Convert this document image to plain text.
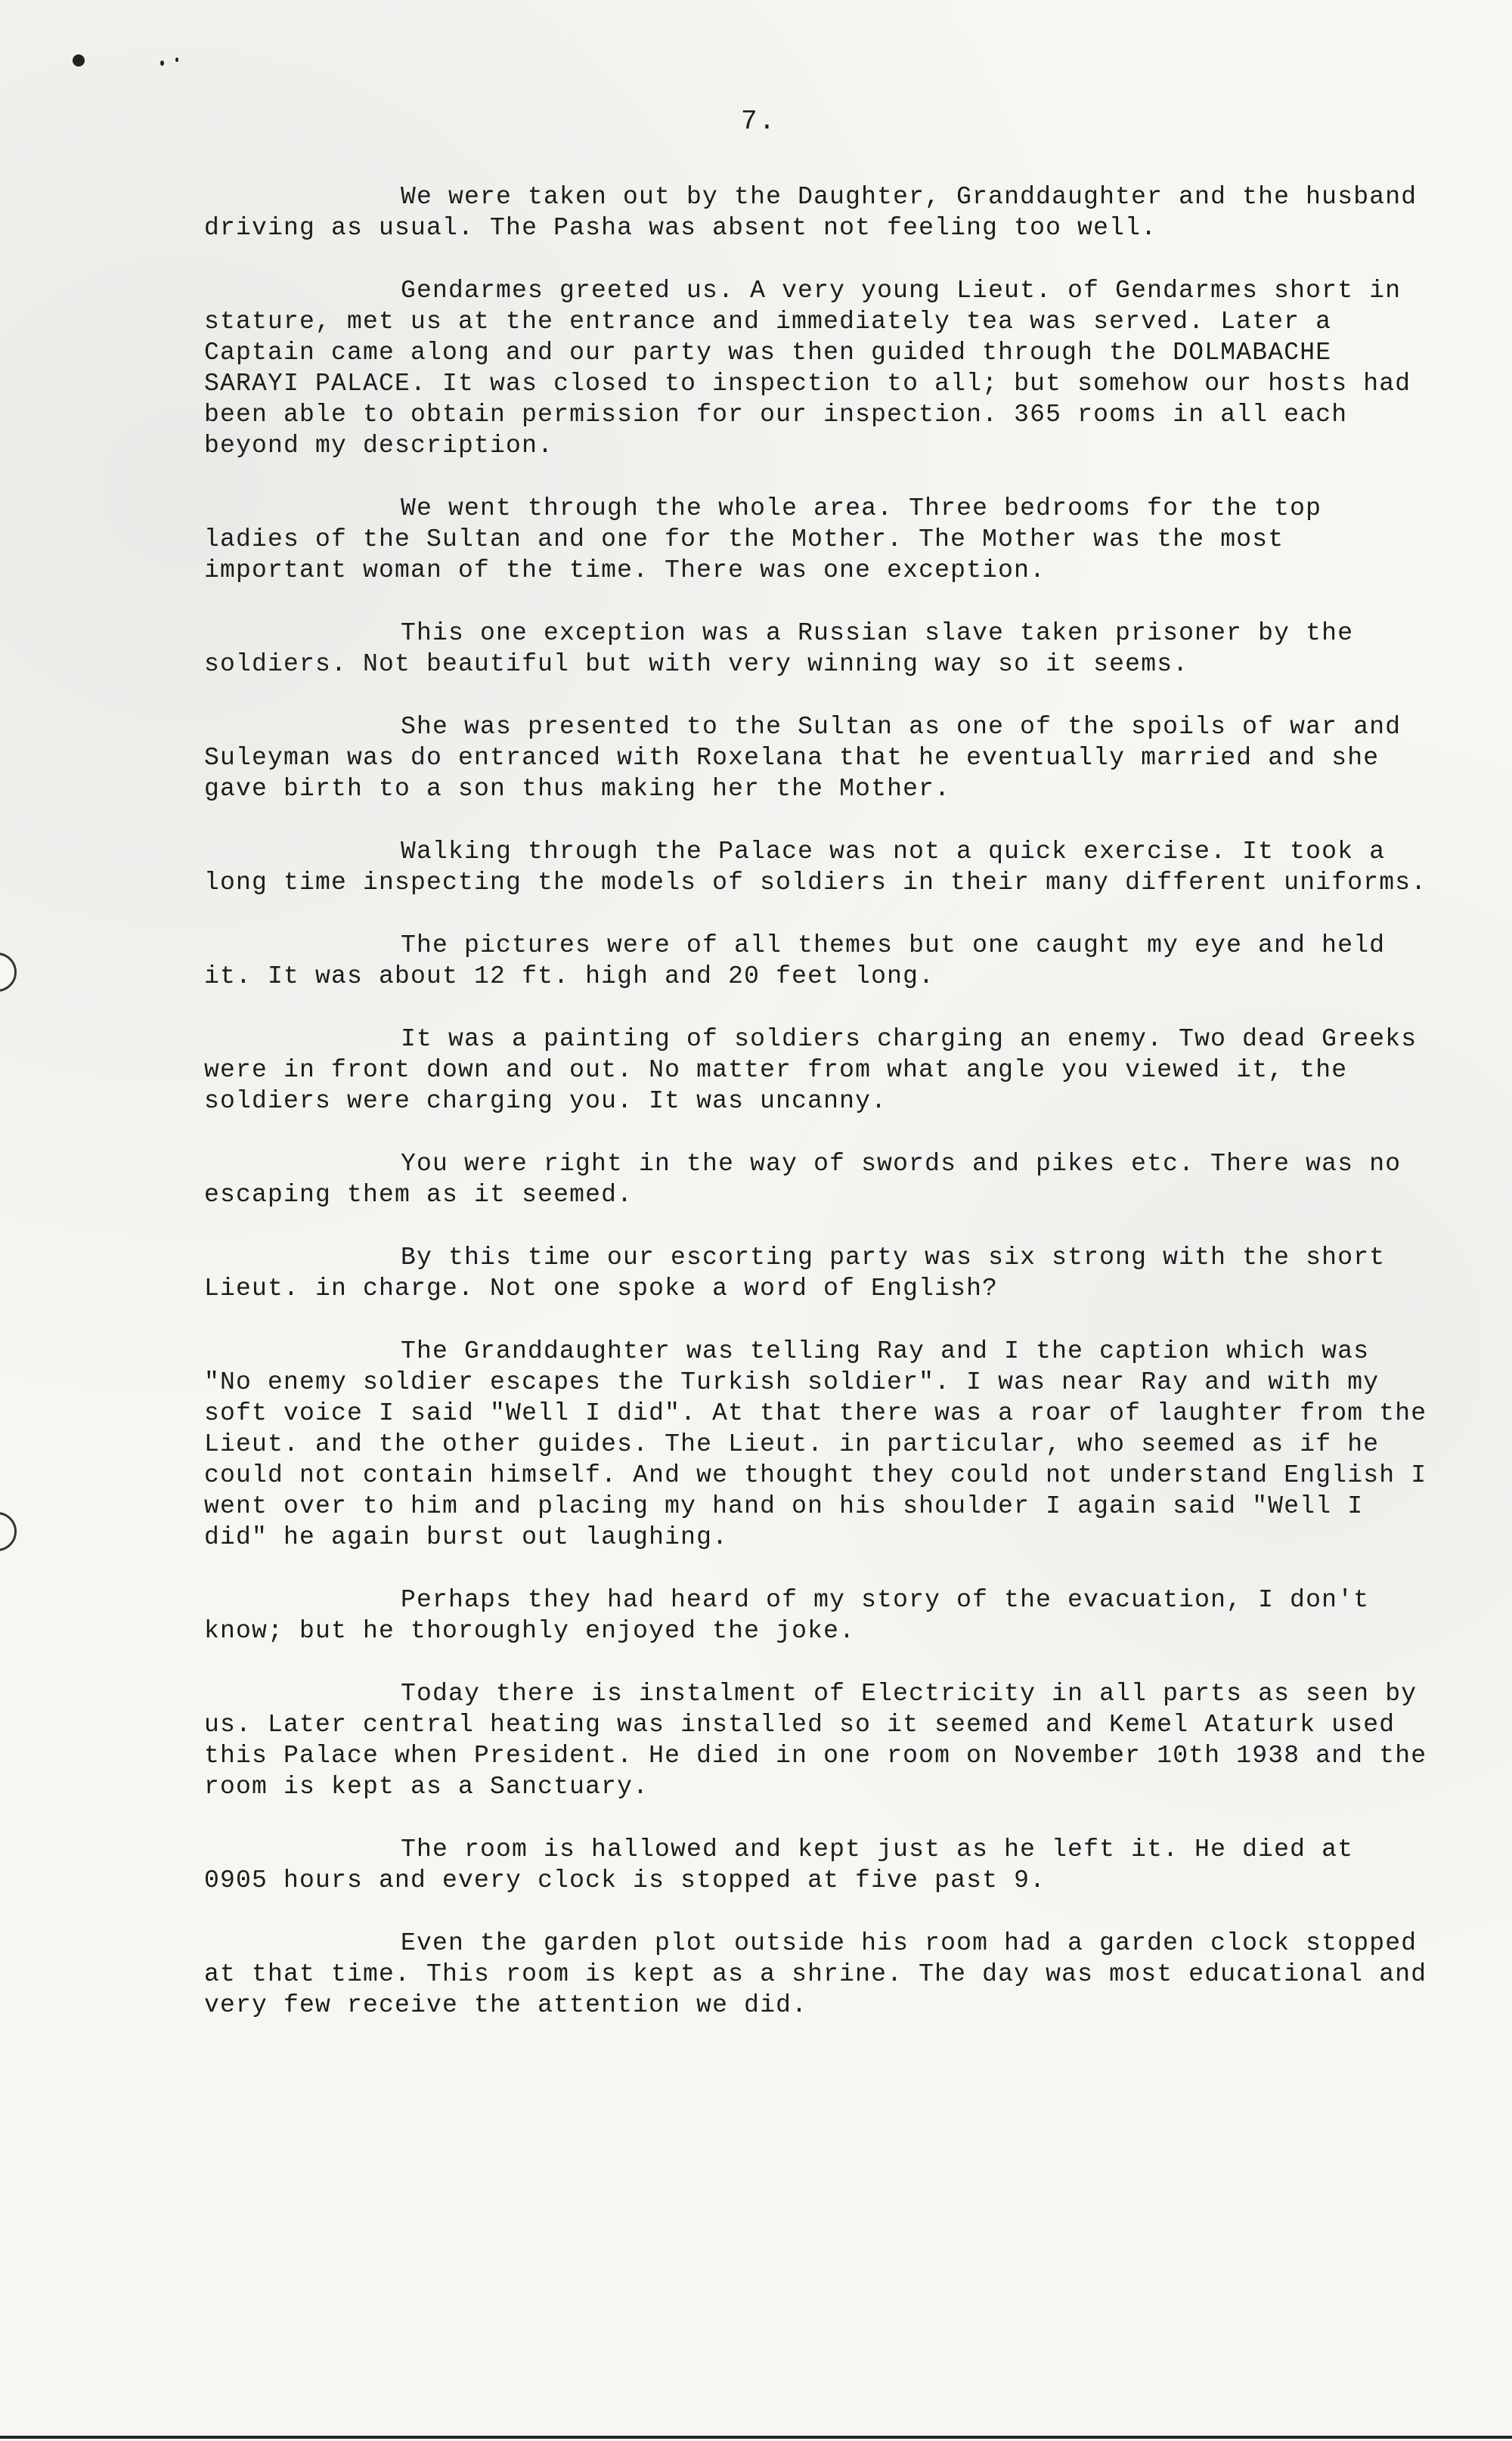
7.

We were taken out by the Daughter, Granddaughter and the husband driving as usual. The Pasha was absent not feeling too well.

Gendarmes greeted us. A very young Lieut. of Gendarmes short in stature, met us at the entrance and immediately tea was served. Later a Captain came along and our party was then guided through the DOLMABACHE SARAYI PALACE. It was closed to inspection to all; but somehow our hosts had been able to obtain permission for our inspection. 365 rooms in all each beyond my description.

We went through the whole area. Three bedrooms for the top ladies of the Sultan and one for the Mother. The Mother was the most important woman of the time. There was one exception.

This one exception was a Russian slave taken prisoner by the soldiers. Not beautiful but with very winning way so it seems.

She was presented to the Sultan as one of the spoils of war and Suleyman was do entranced with Roxelana that he eventually married and she gave birth to a son thus making her the Mother.

Walking through the Palace was not a quick exercise. It took a long time inspecting the models of soldiers in their many different uniforms.

The pictures were of all themes but one caught my eye and held it. It was about 12 ft. high and 20 feet long.

It was a painting of soldiers charging an enemy. Two dead Greeks were in front down and out. No matter from what angle you viewed it, the soldiers were charging you. It was uncanny.

You were right in the way of swords and pikes etc. There was no escaping them as it seemed.

By this time our escorting party was six strong with the short Lieut. in charge. Not one spoke a word of English?

The Granddaughter was telling Ray and I the caption which was "No enemy soldier escapes the Turkish soldier". I was near Ray and with my soft voice I said "Well I did". At that there was a roar of laughter from the Lieut. and the other guides. The Lieut. in particular, who seemed as if he could not contain himself. And we thought they could not understand English I went over to him and placing my hand on his shoulder I again said "Well I did" he again burst out laughing.

Perhaps they had heard of my story of the evacuation, I don't know; but he thoroughly enjoyed the joke.

Today there is instalment of Electricity in all parts as seen by us. Later central heating was installed so it seemed and Kemel Ataturk used this Palace when President. He died in one room on November 10th 1938 and the room is kept as a Sanctuary.

The room is hallowed and kept just as he left it. He died at 0905 hours and every clock is stopped at five past 9.

Even the garden plot outside his room had a garden clock stopped at that time. This room is kept as a shrine. The day was most educational and very few receive the attention we did.
